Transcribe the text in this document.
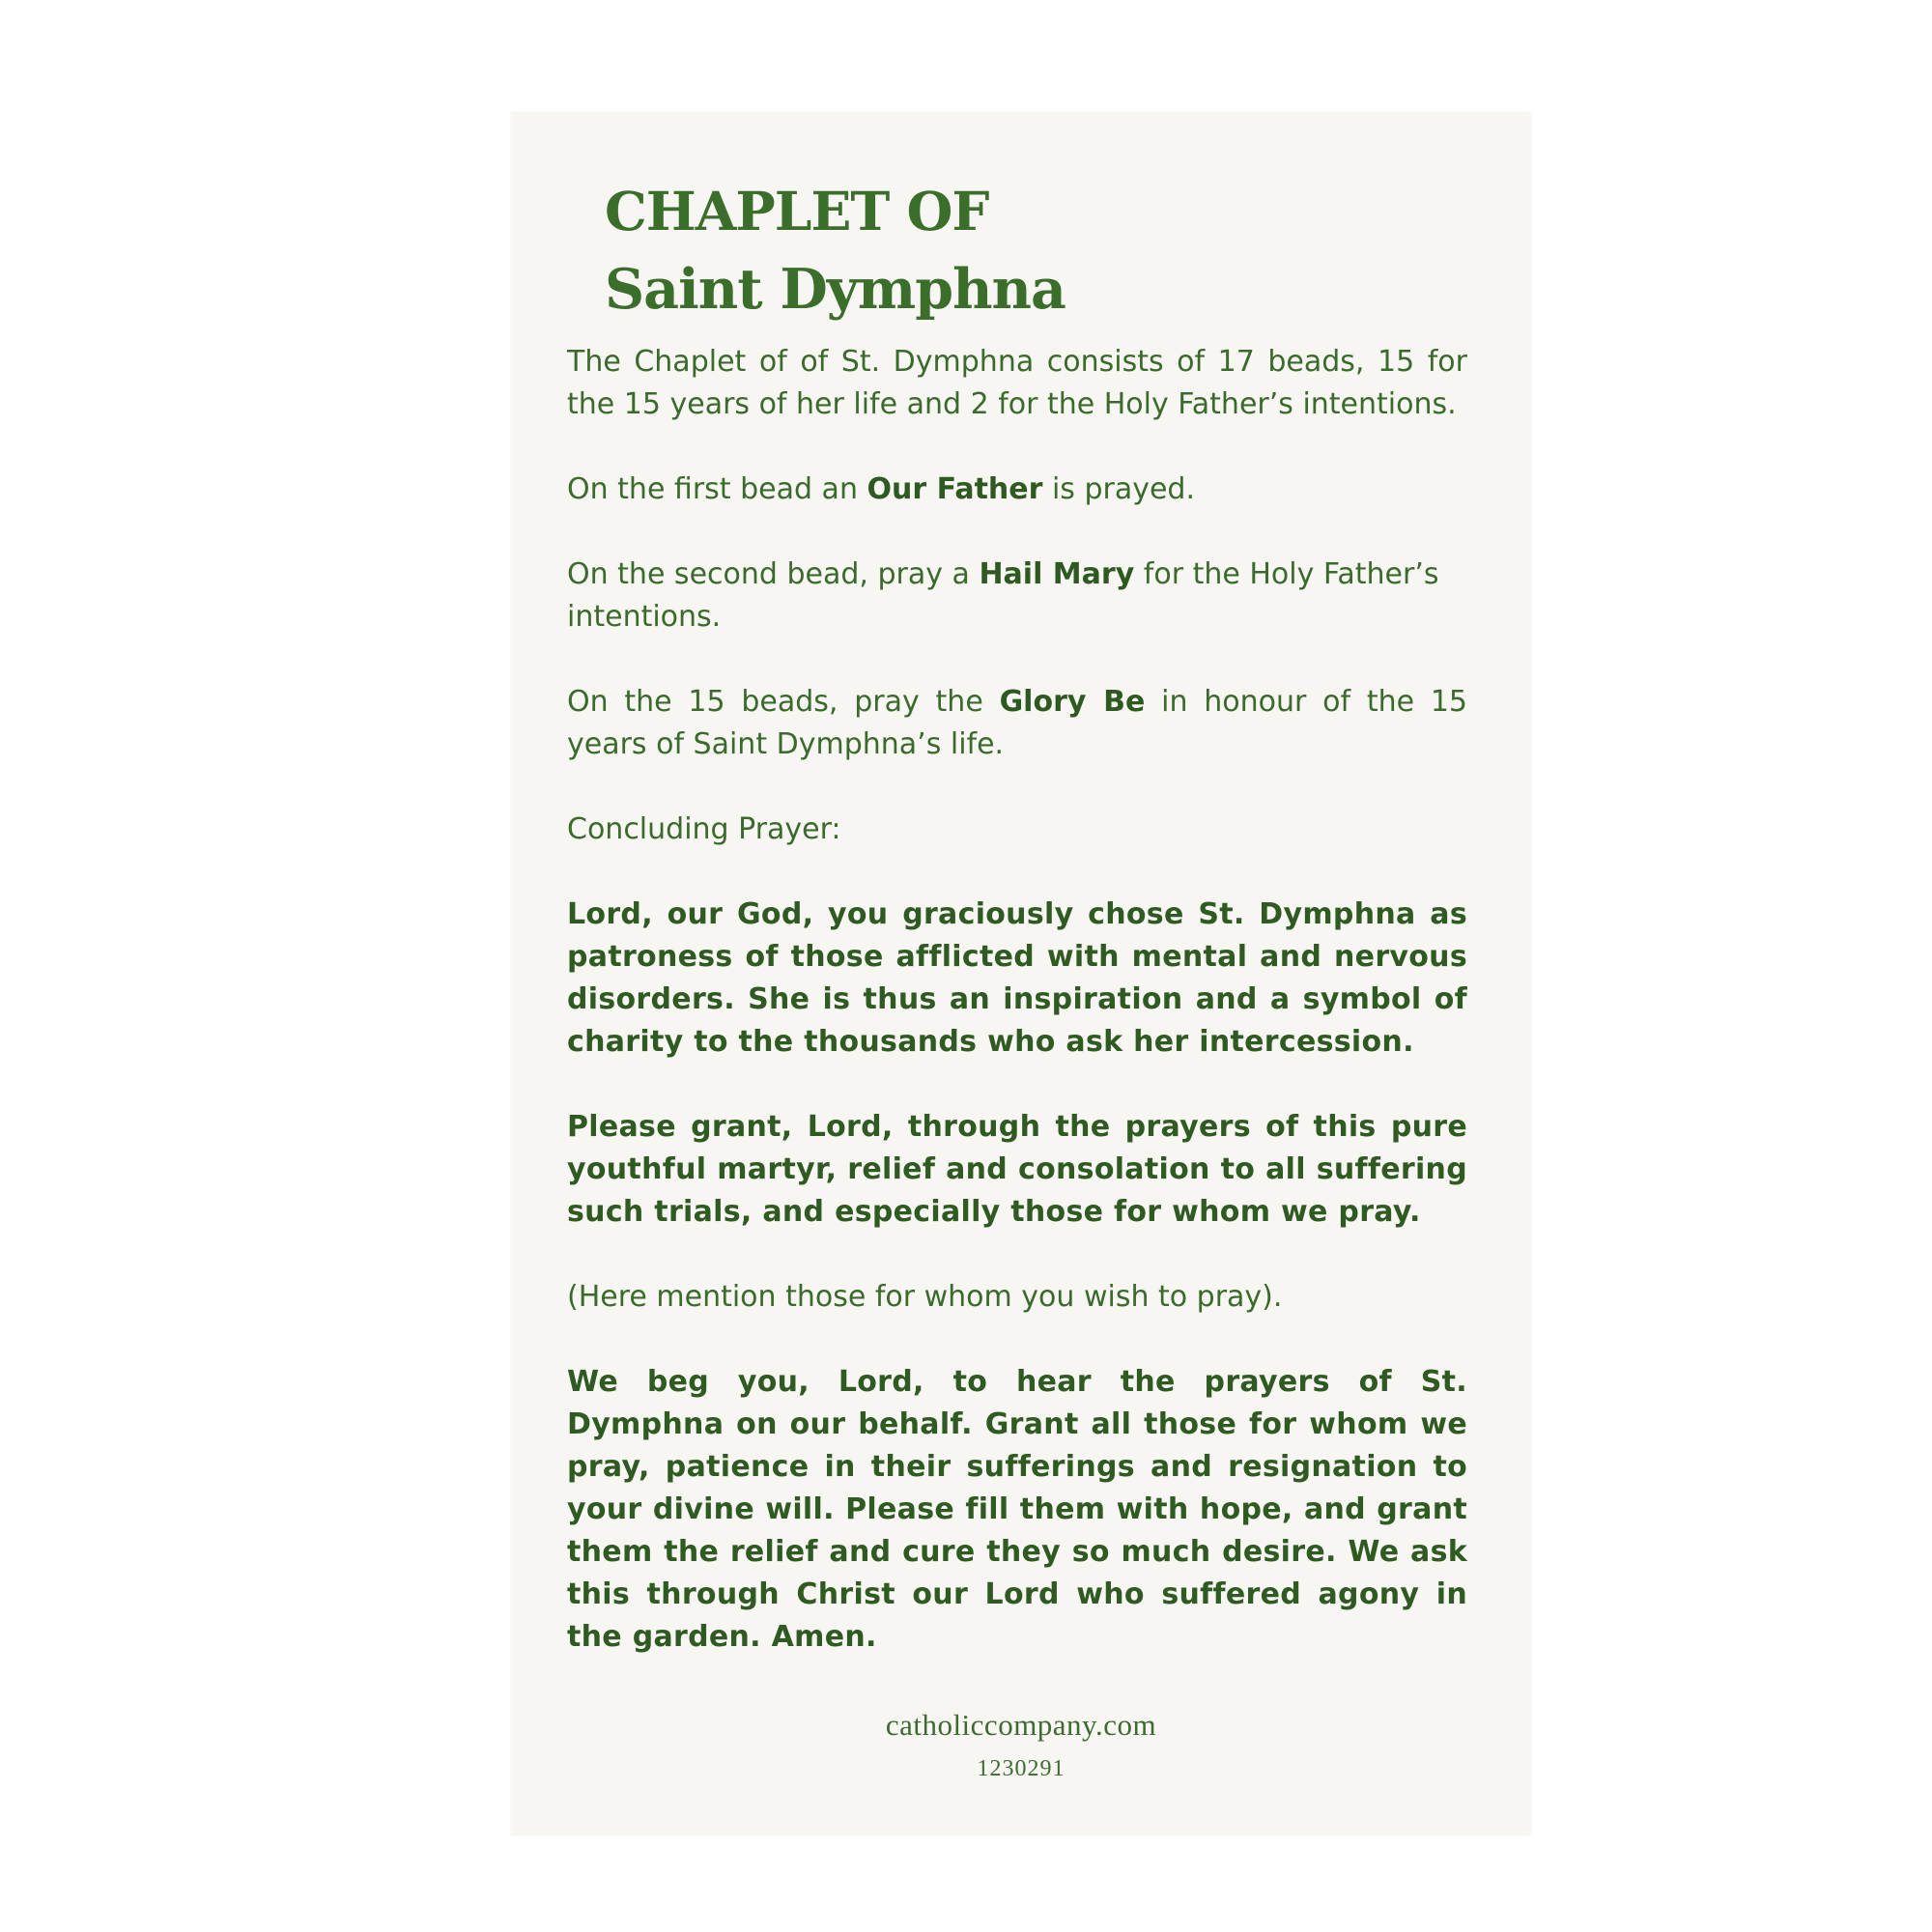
CHAPLET OF
Saint Dymphna

The Chaplet of of St. Dymphna consists of 17 beads, 15 for the 15 years of her life and 2 for the Holy Father’s intentions.

On the first bead an Our Father is prayed.

On the second bead, pray a Hail Mary for the Holy Father’s intentions.

On the 15 beads, pray the Glory Be in honour of the 15 years of Saint Dymphna’s life.

Concluding Prayer:

Lord, our God, you graciously chose St. Dymphna as patroness of those afflicted with mental and nervous disorders. She is thus an inspiration and a symbol of charity to the thousands who ask her intercession.

Please grant, Lord, through the prayers of this pure youthful martyr, relief and consolation to all suffering such trials, and especially those for whom we pray.

(Here mention those for whom you wish to pray).

We beg you, Lord, to hear the prayers of St. Dymphna on our behalf. Grant all those for whom we pray, patience in their sufferings and resignation to your divine will. Please fill them with hope, and grant them the relief and cure they so much desire. We ask this through Christ our Lord who suffered agony in the garden. Amen.

catholiccompany.com

1230291
